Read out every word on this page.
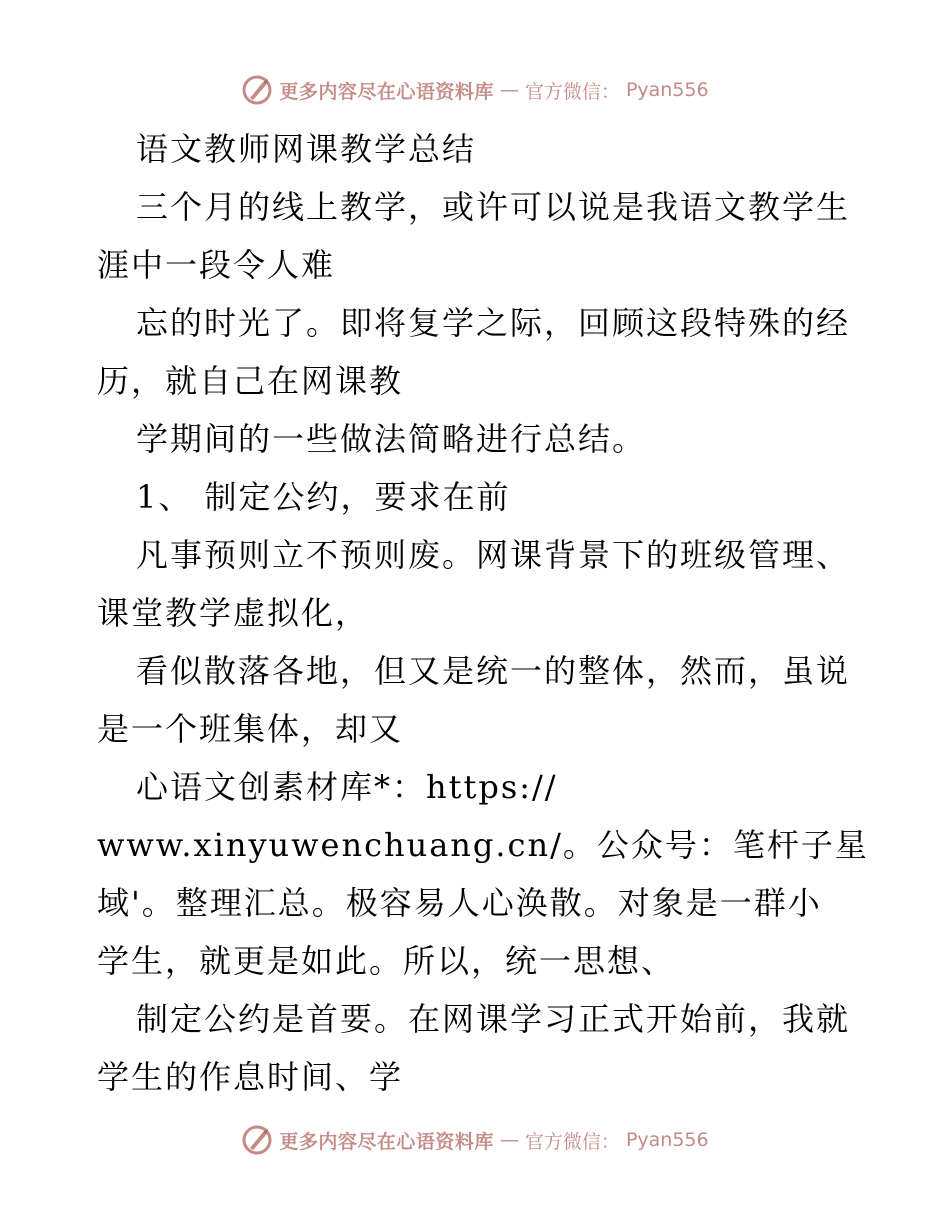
更多内容尽在心语资料库 — 官方微信： Pyan556
语文教师网课教学总结
三个月的线上教学，或许可以说是我语文教学生
涯中一段令人难
忘的时光了。即将复学之际，回顾这段特殊的经
历，就自己在网课教
学期间的一些做法简略进行总结。
1、 制定公约，要求在前
凡事预则立不预则废。网课背景下的班级管理、
课堂教学虚拟化，
看似散落各地，但又是统一的整体，然而，虽说
是一个班集体，却又
心语文创素材库*：https://
www.xinyuwenchuang.cn/。公众号：笔杆子星
域'。整理汇总。极容易人心涣散。对象是一群小
学生，就更是如此。所以，统一思想、
制定公约是首要。在网课学习正式开始前，我就
学生的作息时间、学
更多内容尽在心语资料库 — 官方微信： Pyan556
